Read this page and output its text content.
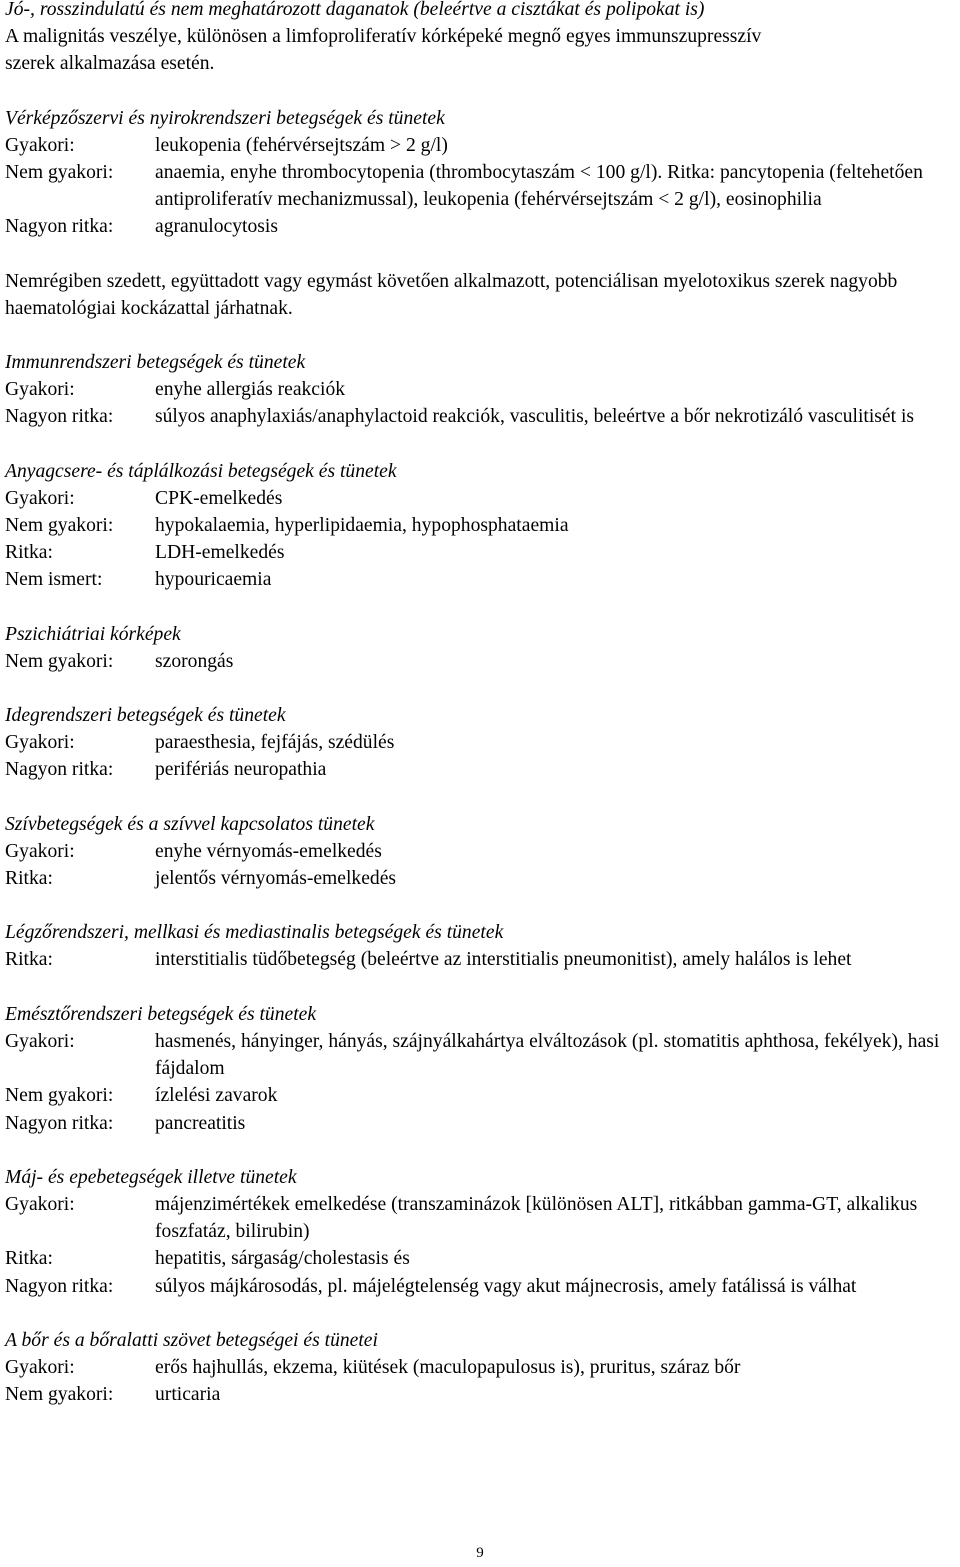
Jó-, rosszindulatú és nem meghatározott daganatok (beleértve a cisztákat és polipokat is)

A malignitás veszélye, különösen a limfoproliferatív kórképeké megnő egyes immunszupresszív

szerek alkalmazása esetén.

Vérképzőszervi és nyirokrendszeri betegségek és tünetek

Gyakori:	leukopenia (fehérvérsejtszám > 2 g/l)
Nem gyakori:	anaemia, enyhe thrombocytopenia (thrombocytaszám < 100 g/l). Ritka: pancytopenia (feltehetően antiproliferatív mechanizmussal), leukopenia (fehérvérsejtszám < 2 g/l), eosinophilia
Nagyon ritka:	agranulocytosis

Nemrégiben szedett, együttadott vagy egymást követően alkalmazott, potenciálisan myelotoxikus szerek nagyobb haematológiai kockázattal járhatnak.

Immunrendszeri betegségek és tünetek

Gyakori:	enyhe allergiás reakciók
Nagyon ritka:	súlyos anaphylaxiás/anaphylactoid reakciók, vasculitis, beleértve a bőr nekrotizáló vasculitisét is

Anyagcsere- és táplálkozási betegségek és tünetek

Gyakori:	CPK-emelkedés
Nem gyakori:	hypokalaemia, hyperlipidaemia, hypophosphataemia
Ritka:	LDH-emelkedés
Nem ismert:	hypouricaemia

Pszichiátriai kórképek

Nem gyakori:	szorongás

Idegrendszeri betegségek és tünetek

Gyakori:	paraesthesia, fejfájás, szédülés
Nagyon ritka:	perifériás neuropathia

Szívbetegségek és a szívvel kapcsolatos tünetek

Gyakori:	enyhe vérnyomás-emelkedés
Ritka:	jelentős vérnyomás-emelkedés

Légzőrendszeri, mellkasi és mediastinalis betegségek és tünetek

Ritka:	interstitialis tüdőbetegség (beleértve az interstitialis pneumonitist), amely halálos is lehet

Emésztőrendszeri betegségek és tünetek

Gyakori:	hasmenés, hányinger, hányás, szájnyálkahártya elváltozások (pl. stomatitis aphthosa, fekélyek), hasi fájdalom
Nem gyakori:	ízlelési zavarok
Nagyon ritka:	pancreatitis

Máj- és epebetegségek illetve tünetek

Gyakori:	májenzimértékek emelkedése (transzaminázok [különösen ALT], ritkábban gamma-GT, alkalikus foszfatáz, bilirubin)
Ritka:	hepatitis, sárgaság/cholestasis és
Nagyon ritka:	súlyos májkárosodás, pl. májelégtelenség vagy akut májnecrosis, amely fatálissá is válhat

A bőr és a bőralatti szövet betegségei és tünetei

Gyakori:	erős hajhullás, ekzema, kiütések (maculopapulosus is), pruritus, száraz bőr
Nem gyakori:	urticaria
9
